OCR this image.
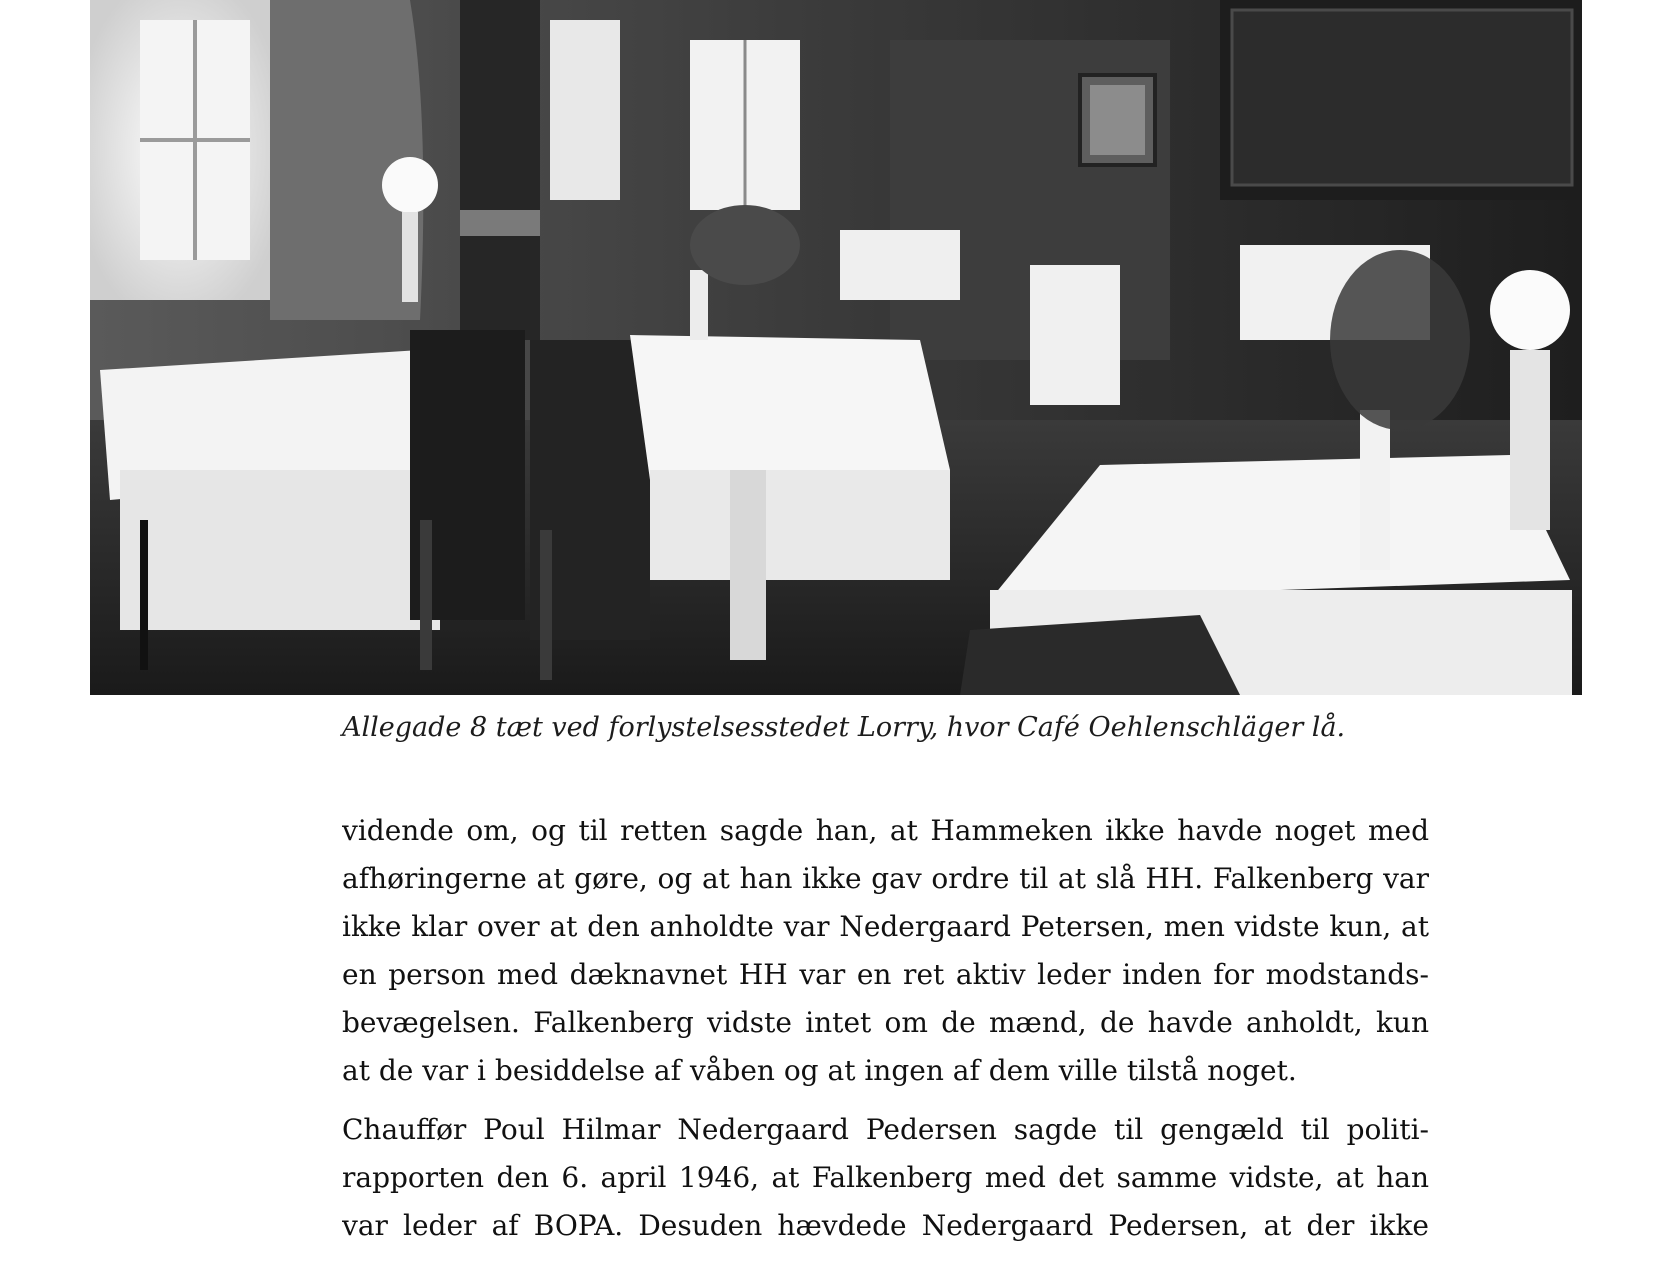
Allegade 8 tæt ved forlystelsesstedet Lorry, hvor Café Oehlenschläger lå.
vidende om, og til retten sagde han, at Hammeken ikke havde noget med
afhøringerne at gøre, og at han ikke gav ordre til at slå HH. Falkenberg var
ikke klar over at den anholdte var Nedergaard Petersen, men vidste kun, at
en person med dæknavnet HH var en ret aktiv leder inden for modstands-
bevægelsen. Falkenberg vidste intet om de mænd, de havde anholdt, kun
at de var i besiddelse af våben og at ingen af dem ville tilstå noget.
Chauffør Poul Hilmar Nedergaard Pedersen sagde til gengæld til politi-
rapporten den 6. april 1946, at Falkenberg med det samme vidste, at han
var leder af BOPA. Desuden hævdede Nedergaard Pedersen, at der ikke
